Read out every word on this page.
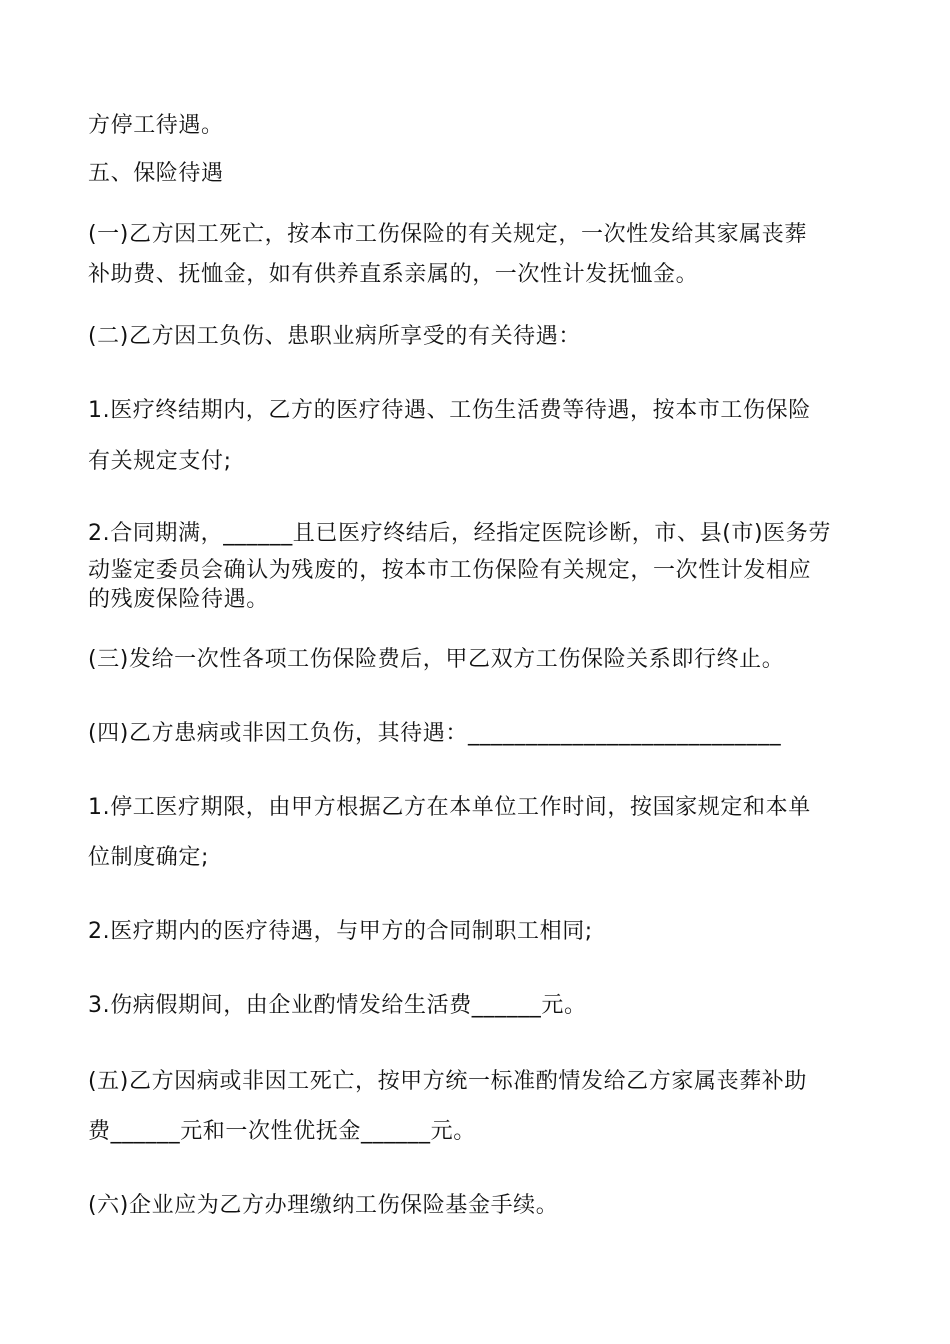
方停工待遇。
五、保险待遇
(一)乙方因工死亡，按本市工伤保险的有关规定，一次性发给其家属丧葬
补助费、抚恤金，如有供养直系亲属的，一次性计发抚恤金。
(二)乙方因工负伤、患职业病所享受的有关待遇：
1.医疗终结期内，乙方的医疗待遇、工伤生活费等待遇，按本市工伤保险
有关规定支付;
2.合同期满，______且已医疗终结后，经指定医院诊断，市、县(市)医务劳
动鉴定委员会确认为残废的，按本市工伤保险有关规定，一次性计发相应
的残废保险待遇。
(三)发给一次性各项工伤保险费后，甲乙双方工伤保险关系即行终止。
(四)乙方患病或非因工负伤，其待遇：___________________________
1.停工医疗期限，由甲方根据乙方在本单位工作时间，按国家规定和本单
位制度确定;
2.医疗期内的医疗待遇，与甲方的合同制职工相同;
3.伤病假期间，由企业酌情发给生活费______元。
(五)乙方因病或非因工死亡，按甲方统一标准酌情发给乙方家属丧葬补助
费______元和一次性优抚金______元。
(六)企业应为乙方办理缴纳工伤保险基金手续。
